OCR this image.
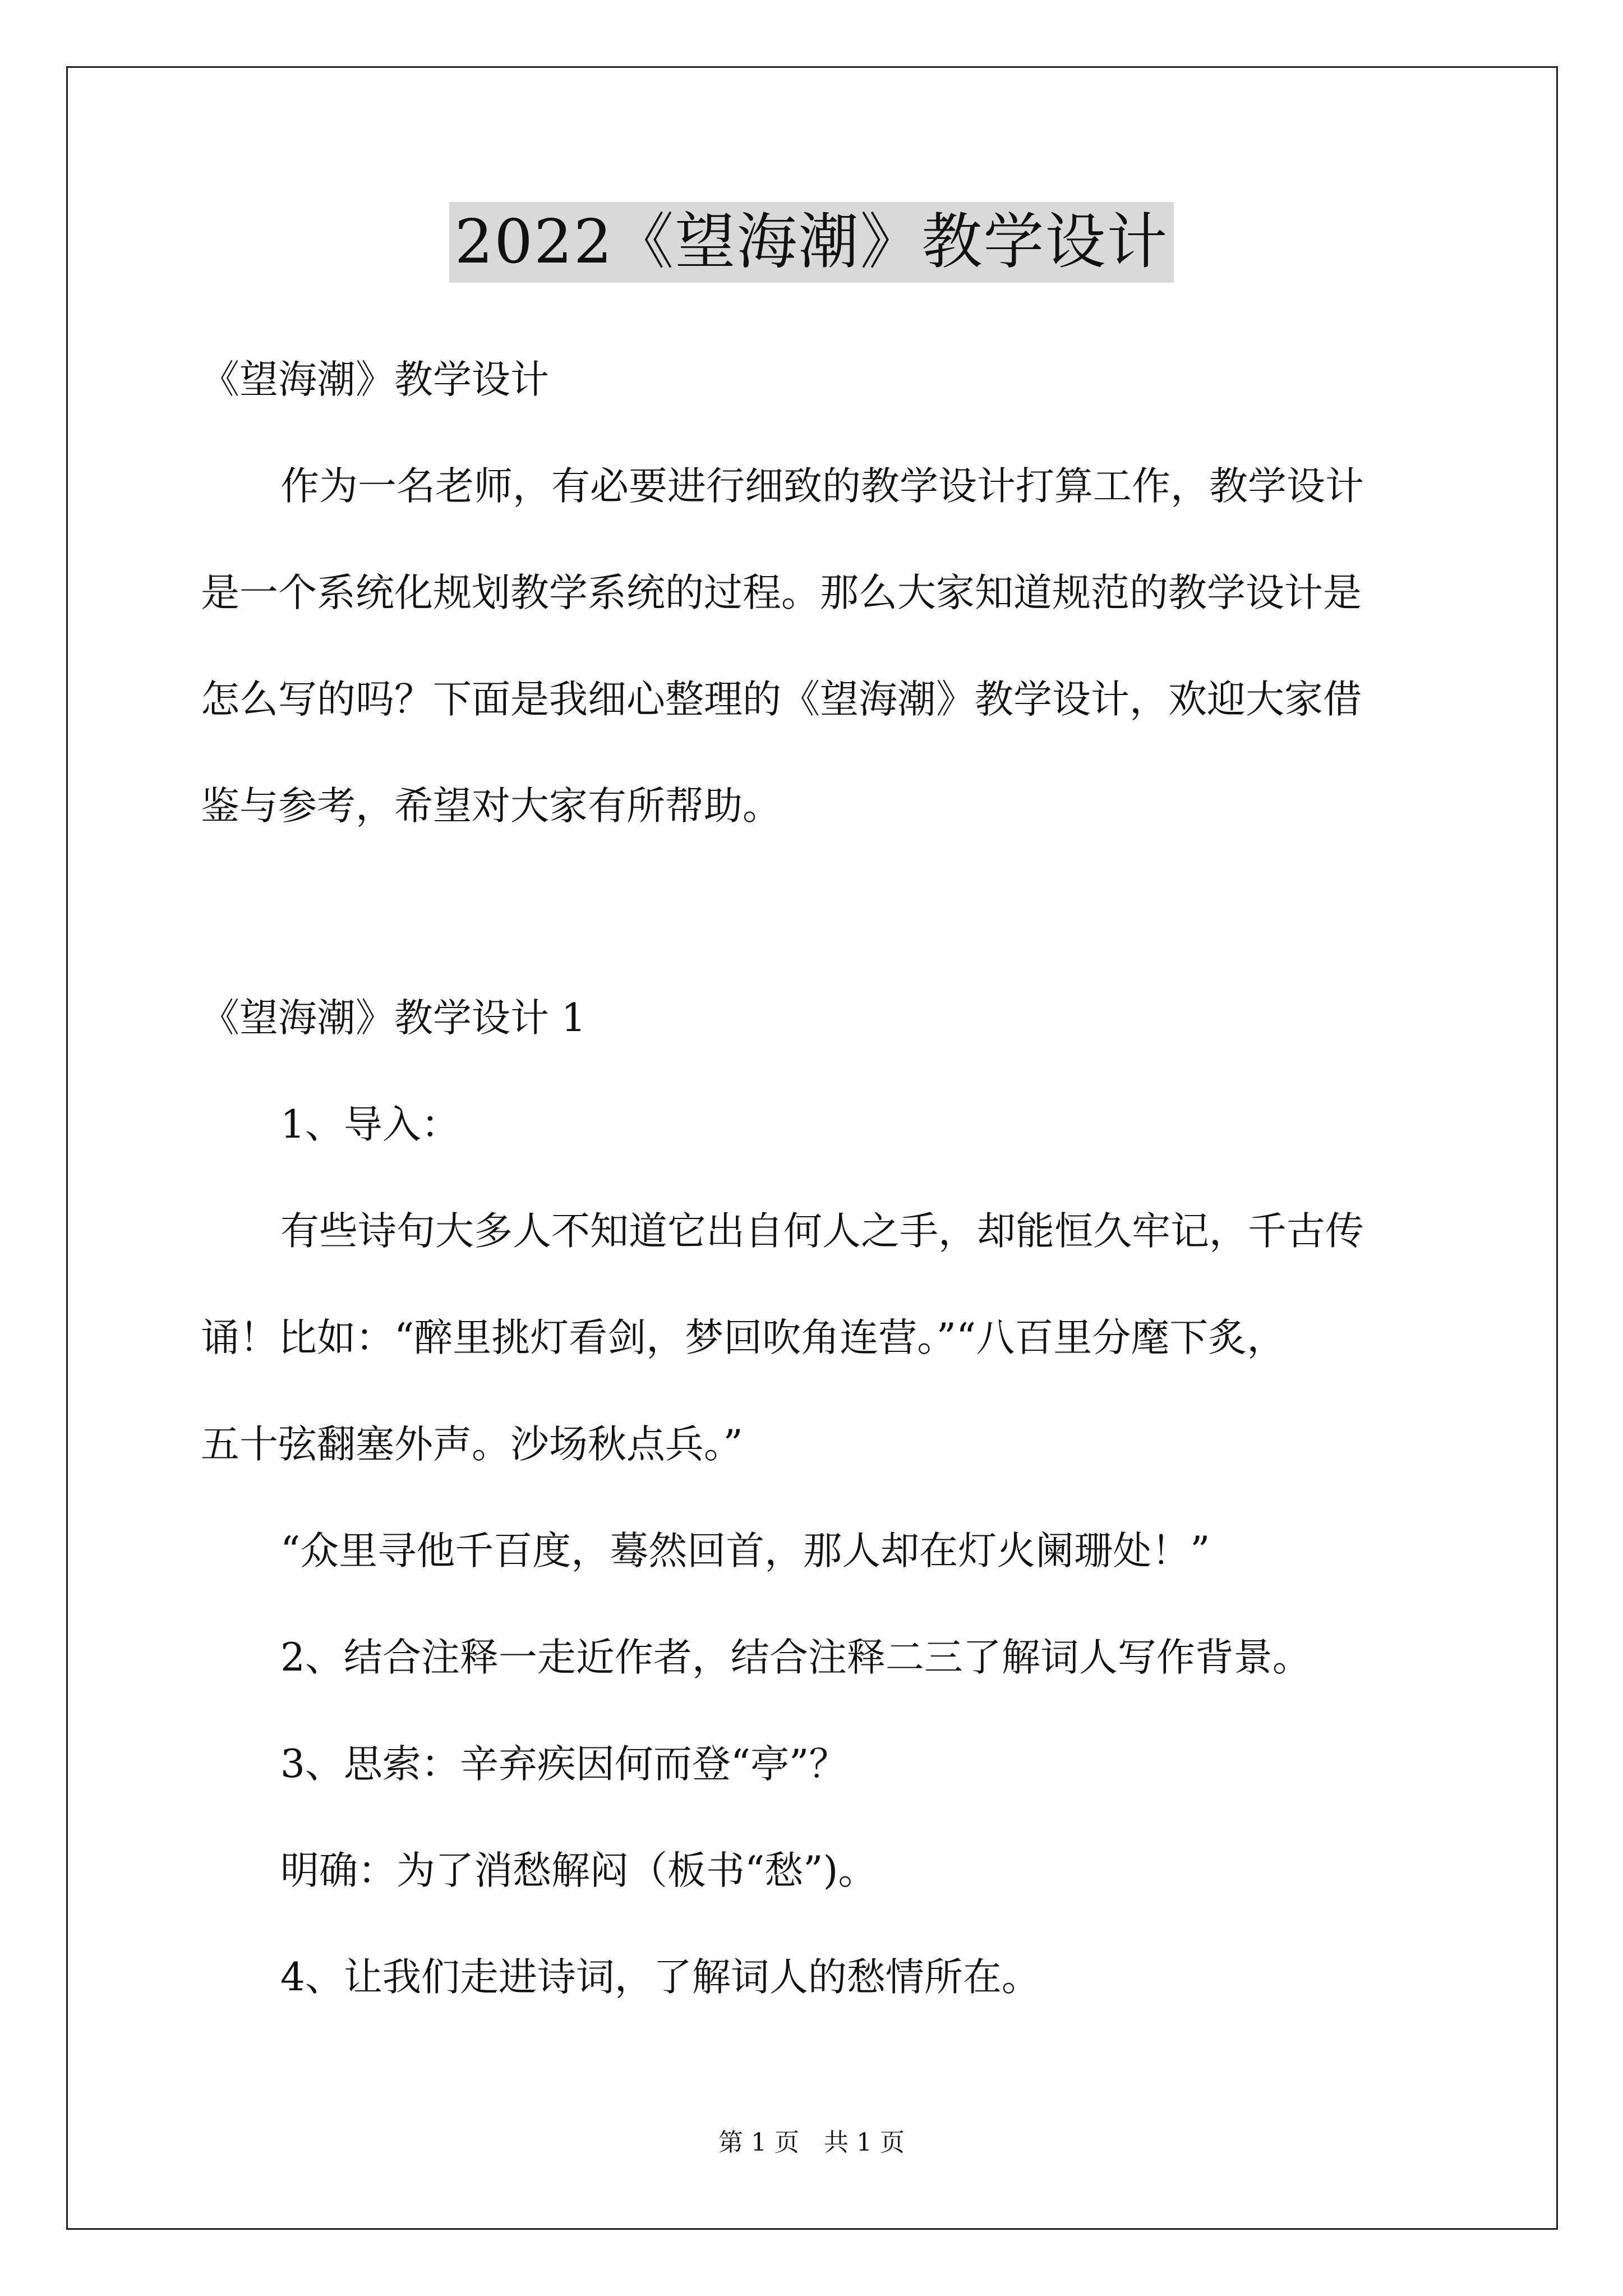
2022《望海潮》教学设计
《望海潮》教学设计
作为一名老师，有必要进行细致的教学设计打算工作，教学设计
是一个系统化规划教学系统的过程。那么大家知道规范的教学设计是
怎么写的吗？下面是我细心整理的《望海潮》教学设计，欢迎大家借
鉴与参考，希望对大家有所帮助。
《望海潮》教学设计 1
1、导入：
有些诗句大多人不知道它出自何人之手，却能恒久牢记，千古传
诵！比如：“醉里挑灯看剑，梦回吹角连营。”“八百里分麾下炙，
五十弦翻塞外声。沙场秋点兵。”
“众里寻他千百度，蓦然回首，那人却在灯火阑珊处！”
2、结合注释一走近作者，结合注释二三了解词人写作背景。
3、思索：辛弃疾因何而登“亭”？
明确：为了消愁解闷（板书“愁”)。
4、让我们走进诗词，了解词人的愁情所在。
第 1 页　共 1 页
